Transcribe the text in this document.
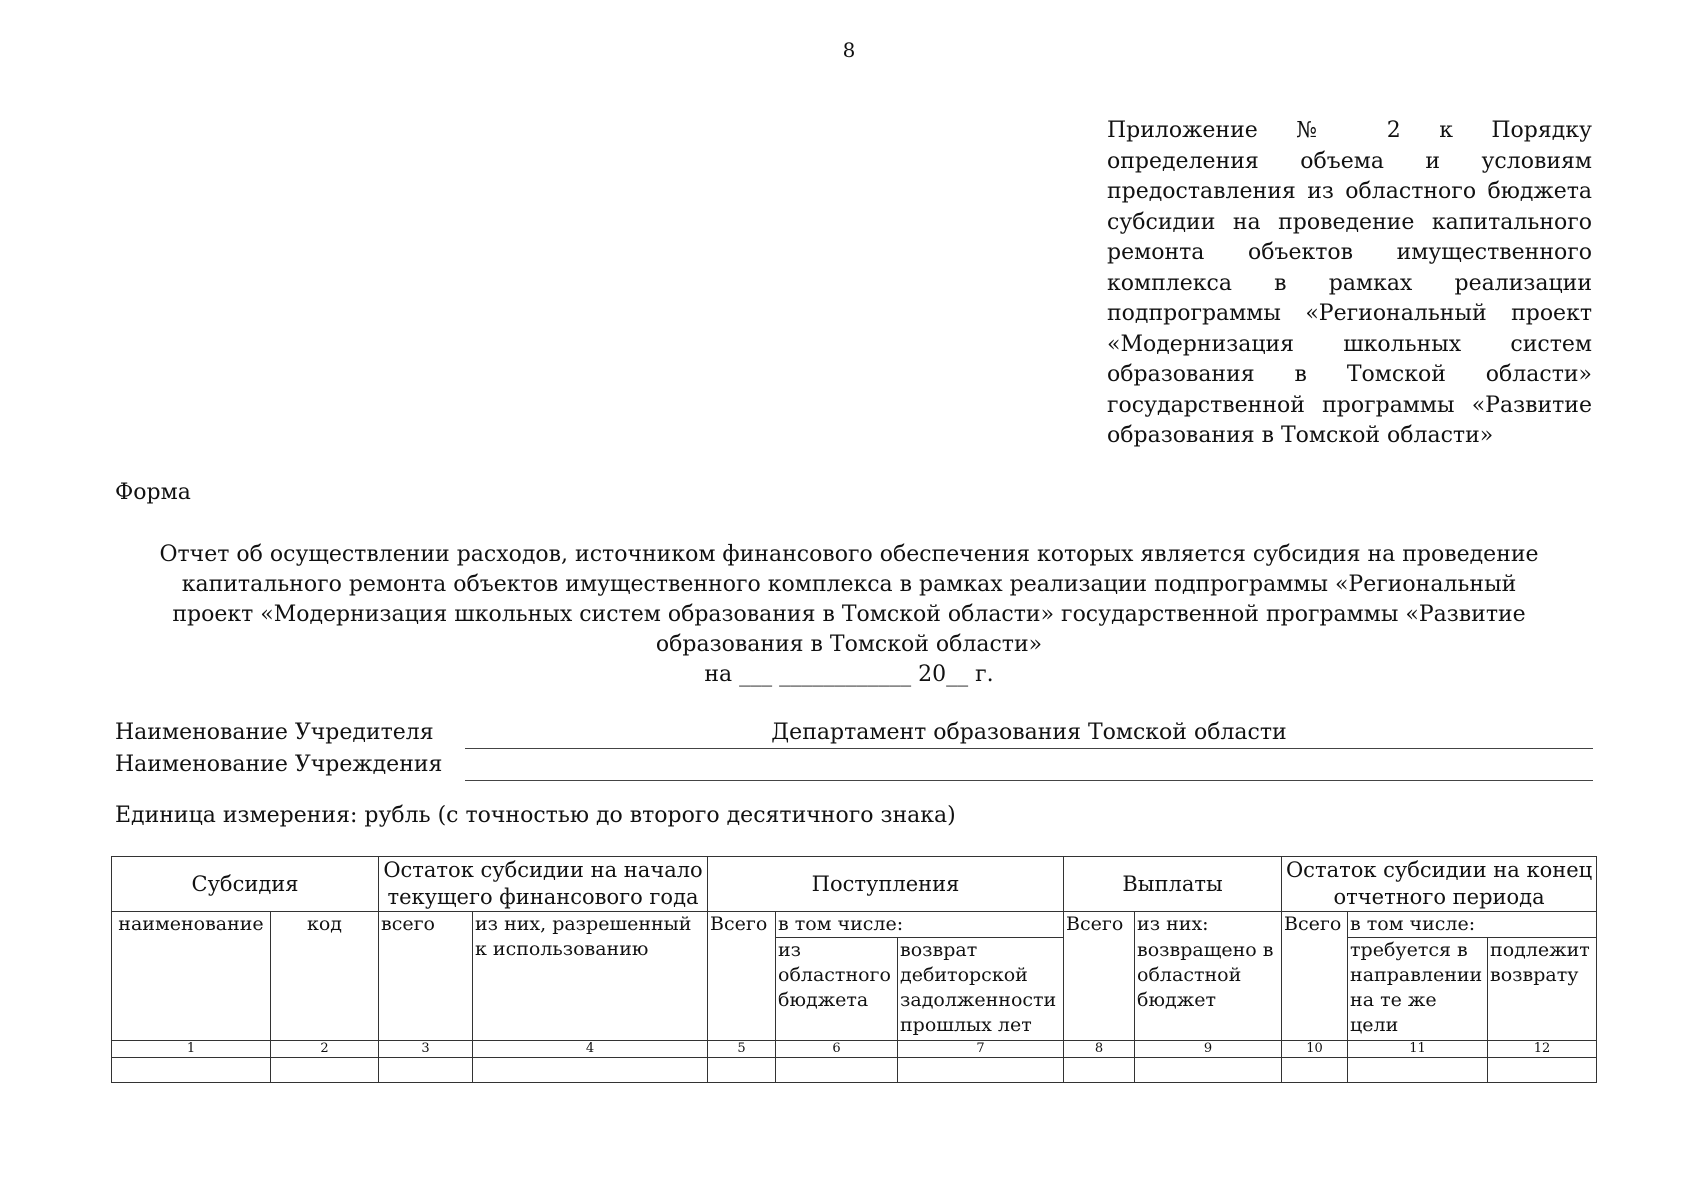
8
Приложение № 2 к Порядку определения объема и условиям предоставления из областного бюджета субсидии на проведение капитального ремонта объектов имущественного комплекса в рамках реализации подпрограммы «Региональный проект «Модернизация школьных систем образования в Томской области» государственной программы «Развитие образования в Томской области»
Форма
Отчет об осуществлении расходов, источником финансового обеспечения которых является субсидия на проведение капитального ремонта объектов имущественного комплекса в рамках реализации подпрограммы «Региональный проект «Модернизация школьных систем образования в Томской области» государственной программы «Развитие образования в Томской области»
на ___ ____________ 20__ г.
Наименование Учредителя	Департамент образования Томской области
Наименование Учреждения
Единица измерения: рубль (с точностью до второго десятичного знака)
Субсидия		Остаток субсидии на начало текущего финансового года		Поступления			Выплаты		Остаток субсидии на конец отчетного периода		
наименование	код	всего	из них, разрешенный к использованию	Всего	в том числе:		Всего	из них:	Всего	в том числе:	
					из областного бюджета	возврат дебиторской задолженности прошлых лет		возвращено в областной бюджет		требуется в направлении на те же цели	подлежит возврату
1	2	3	4	5	6	7	8	9	10	11	12
